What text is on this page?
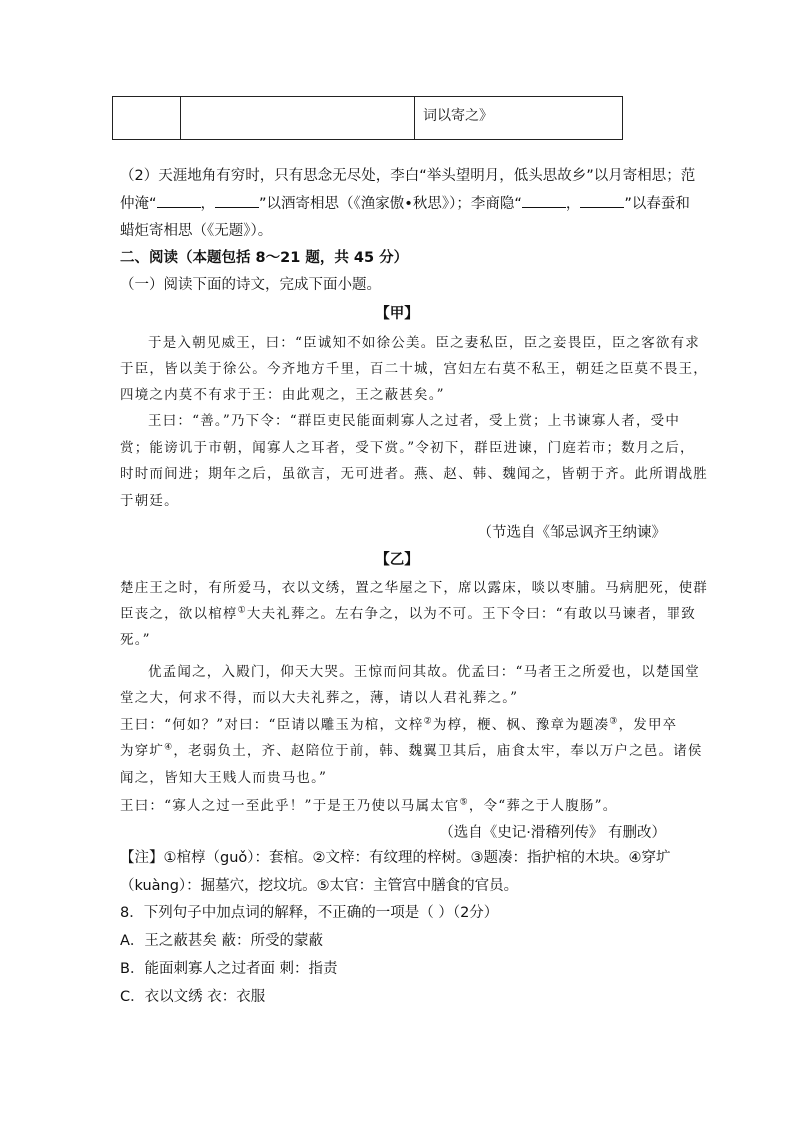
词以寄之》
（2）天涯地角有穷时，只有思念无尽处，李白“举头望明月，低头思故乡”以月寄相思；范
仲淹“	，	”以酒寄相思（《渔家傲•秋思》）；李商隐“	，	”以春蚕和
蜡炬寄相思（《无题》）。
二、阅读（本题包括 8～21 题，共 45 分）
（一）阅读下面的诗文，完成下面小题。
【甲】
于是入朝见威王，曰：“臣诚知不如徐公美。臣之妻私臣，臣之妾畏臣，臣之客欲有求
于臣，皆以美于徐公。今齐地方千里，百二十城，宫妇左右莫不私王，朝廷之臣莫不畏王，
四境之内莫不有求于王：由此观之，王之蔽甚矣。”
王曰：“善。”乃下令：“群臣吏民能面刺寡人之过者，受上赏；上书谏寡人者，受中
赏；能谤讥于市朝，闻寡人之耳者，受下赏。”令初下，群臣进谏，门庭若市；数月之后，
时时而间进；期年之后，虽欲言，无可进者。燕、赵、韩、魏闻之，皆朝于齐。此所谓战胜
于朝廷。
（节选自《邹忌讽齐王纳谏》
【乙】
楚庄王之时，有所爱马，衣以文绣，置之华屋之下，席以露床，啖以枣脯。马病肥死，使群
臣丧之，欲以棺椁①大夫礼葬之。左右争之，以为不可。王下令曰：“有敢以马谏者，罪致
死。”
优孟闻之，入殿门，仰天大哭。王惊而问其故。优孟曰：“马者王之所爱也，以楚国堂
堂之大，何求不得，而以大夫礼葬之，薄，请以人君礼葬之。”
王曰：“何如？”对曰：“臣请以雕玉为棺，文梓②为椁，楩、枫、豫章为题凑③，发甲卒
为穿圹④，老弱负土，齐、赵陪位于前，韩、魏翼卫其后，庙食太牢，奉以万户之邑。诸侯
闻之，皆知大王贱人而贵马也。”
王曰：“寡人之过一至此乎！”于是王乃使以马属太官⑤，令“葬之于人腹肠”。
（选自《史记·滑稽列传》 有删改）
【注】①棺椁（guǒ）：套棺。②文梓：有纹理的梓树。③题凑：指护棺的木块。④穿圹
（kuàng）：掘墓穴，挖坟坑。⑤太官：主管宫中膳食的官员。
8．下列句子中加点词的解释，不正确的一项是（ ）（2分）
A．王之蔽甚矣 蔽：所受的蒙蔽
B．能面刺寡人之过者面 刺：指责
C．衣以文绣 衣：衣服
